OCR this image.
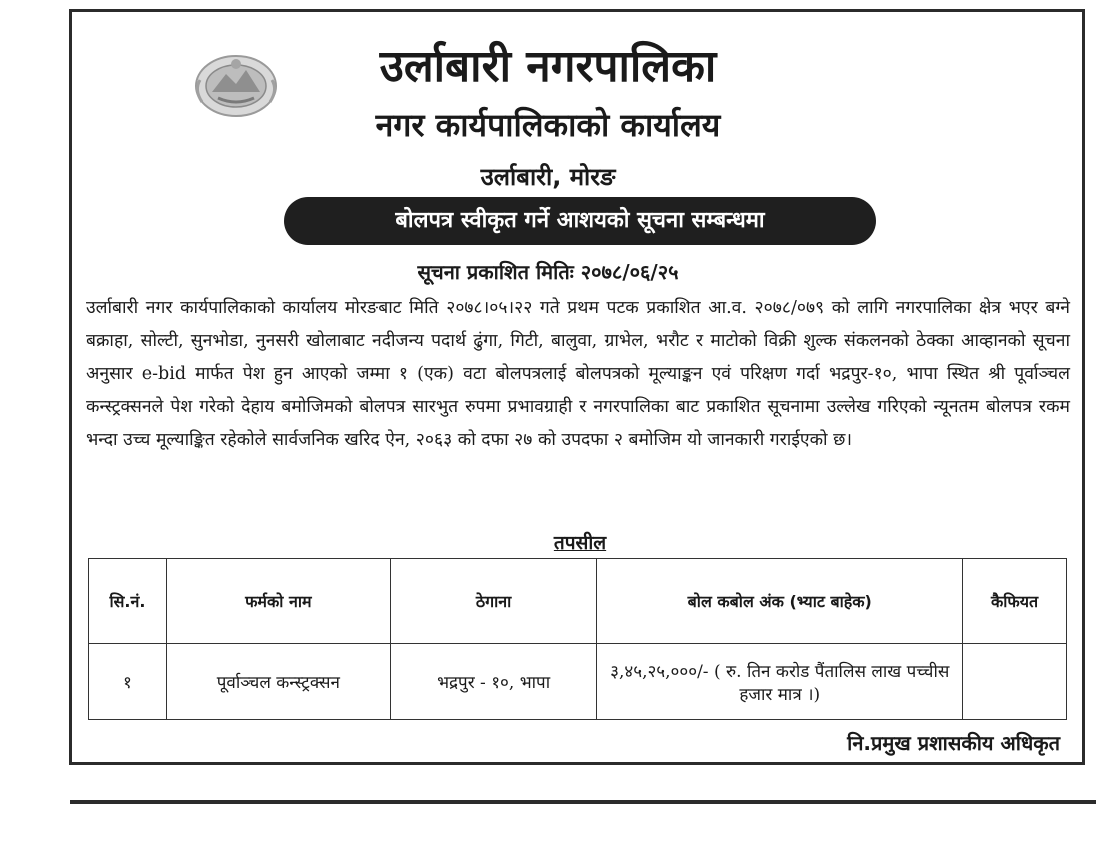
उर्लाबारी नगरपालिका
नगर कार्यपालिकाको कार्यालय
उर्लाबारी, मोरङ
बोलपत्र स्वीकृत गर्ने आशयको सूचना सम्बन्धमा
सूचना प्रकाशित मितिः २०७८/०६/२५
उर्लाबारी नगर कार्यपालिकाको कार्यालय मोरङबाट मिति २०७८।०५।२२ गते प्रथम पटक प्रकाशित आ.व. २०७८/०७९ को लागि नगरपालिका क्षेत्र भएर बग्ने बक्राहा, सोल्टी, सुनभोडा, नुनसरी खोलाबाट नदीजन्य पदार्थ ढुंगा, गिटी, बालुवा, ग्राभेल, भरौट र माटोको विक्री शुल्क संकलनको ठेक्का आव्हानको सूचना अनुसार e-bid मार्फत पेश हुन आएको जम्मा १ (एक) वटा बोलपत्रलाई बोलपत्रको मूल्याङ्कन एवं परिक्षण गर्दा भद्रपुर-१०, भापा स्थित श्री पूर्वाञ्चल कन्स्ट्रक्सनले पेश गरेको देहाय बमोजिमको बोलपत्र सारभुत रुपमा प्रभावग्राही र नगरपालिका बाट प्रकाशित सूचनामा उल्लेख गरिएको न्यूनतम बोलपत्र रकम भन्दा उच्च मूल्याङ्कित रहेकोले सार्वजनिक खरिद ऐन, २०६३ को दफा २७ को उपदफा २ बमोजिम यो जानकारी गराईएको छ।
तपसील
सि.नं.	फर्मको नाम	ठेगाना	बोल कबोल अंक (भ्याट बाहेक)	कैफियत
१	पूर्वाञ्चल कन्स्ट्रक्सन	भद्रपुर - १०, भापा	३,४५,२५,०००/- ( रु. तिन करोड पैंतालिस लाख पच्चीस हजार मात्र ।)	
नि.प्रमुख प्रशासकीय अधिकृत
